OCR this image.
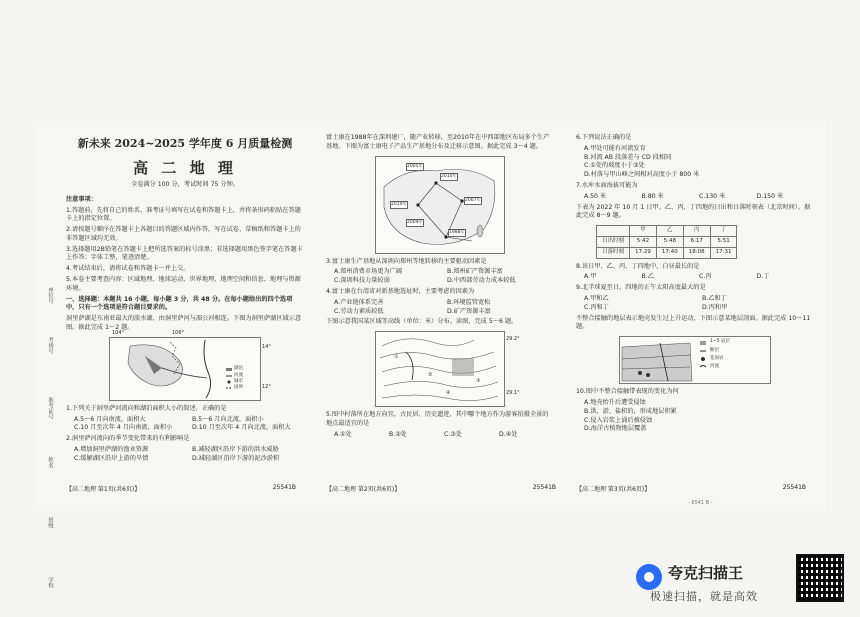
座位号
考场号
准考证号
姓名
班级
学校
新未来 2024~2025 学年度 6 月质量检测
高 二 地 理
全卷满分 100 分，考试时间 75 分钟。
注意事项：
1.答题前，先将自己的姓名、准考证号填写在试卷和答题卡上，并将条形码粘贴在答题卡上的指定位置。
2.请按题号顺序在答题卡上各题目的答题区域内作答，写在试卷、草稿纸和答题卡上的非答题区域均无效。
3.选择题用2B铅笔在答题卡上把所选答案的标号涂黑；非选择题用黑色签字笔在答题卡上作答；字体工整，笔迹清楚。
4.考试结束后，请将试卷和答题卡一并上交。
5.本卷主要考查内容：区域地理、地球运动、世界地理、地理空间和信息、地理与资源环境。
一、选择题：本题共 16 小题，每小题 3 分，共 48 分。在每小题给出的四个选项中，只有一个选项是符合题目要求的。
洞里萨湖是东南亚最大的淡水湖，由洞里萨河与湄公河相连。下图为洞里萨湖区域示意图。据此完成 1～2 题。
106°
104°
14°
12°
湖泊
河流
城市
国界
1.下列关于洞里萨河流向和湖泊面积大小的叙述，正确的是
A.5～6 月向南流，面积大	B.5～6 月向北流，面积小
C.10 月至次年 4 月向南流，面积小	D.10 月至次年 4 月向北流，面积大
2.洞里萨河流向的季节变化带来的有利影响是
A.增加洞里萨湖的渔业资源	B.减轻湖区沿岸下游的洪水威胁
C.缓解湖区沿岸上游的旱情	D.减轻湖区沿岸下游的泥沙淤积
富士康在1988年在深圳建厂，随产业转移，至2010年在中西部地区布局多个生产基地。下图为富士康电子产品生产基地分布及迁移示意图。据此完成 3～4 题。
1988年
2005年
2010年
2010年
2007年
2009年
3.富士康生产基地从深圳向郑州等地转移的主要驱动因素是
A.郑州消费市场更为广阔	B.郑州矿产资源丰富
C.深圳科技力量较弱	D.中西部劳动力成本较低
4.富士康在台湾省对新基地选址时，主要考虑的因素为
A.产业链体系完善	B.环境监管宽松
C.劳动力素质较低	D.矿产资源丰富
下图示意我国某区域等高线（单位：米）分布。读图，完成 5～6 题。
29.2°
29.1°
①
②
③
④
5.图中村落所在地方向宜，古民居、历史遗迹，其中哪个地方作为游客拍摄全景的地点最适宜的是
A.①处	B.②处	C.③处	D.④处
6.下列说法正确的是
A.甲处可能有河流发育
B.河流 AB 段落差与 CD 段相同
C.①处的坡度小于③处
D.村落与甲山峰之间相对高度小于 800 米
7.水库水面海拔可能为
A.50 米	B.80 米	C.130 米	D.150 米
下表为 2022 年 10 月 1 日甲、乙、丙、丁四地的日出和日落时刻表（北京时间）。据此完成 8～9 题。
	甲	乙	丙	丁
日出时刻	5:42	5:48	6:17	5:51
日落时刻	17:29	17:40	18:08	17:31
8.该日甲、乙、丙、丁四地中，白昼最长的是
A.甲	B.乙	C.丙	D.丁
9.北半球夏至日，四地的正午太阳高度最大的是
A.甲和乙	B.乙和丁
C.丙和丁	D.丙和甲
不整合接触的地层表示地壳发生过上升运动，下图示意某地层剖面。据此完成 10～11 题。
1~5 岩层
断层
花岗岩
河流
10.图中不整合接触带表现的变化为何
A.地壳抬升后遭受侵蚀
B.洪、淤、盐积的，形成地层积累
C.侵入岩浆上涌后被侵蚀
D.海洋古植物地层覆盖
【高二地理 第1页(共6页)】	25541B	【高二地理 第2页(共6页)】	25541B	【高二地理 第3页(共6页)】	25541B
- 6541 B -
夸克扫描王
极速扫描，就是高效
